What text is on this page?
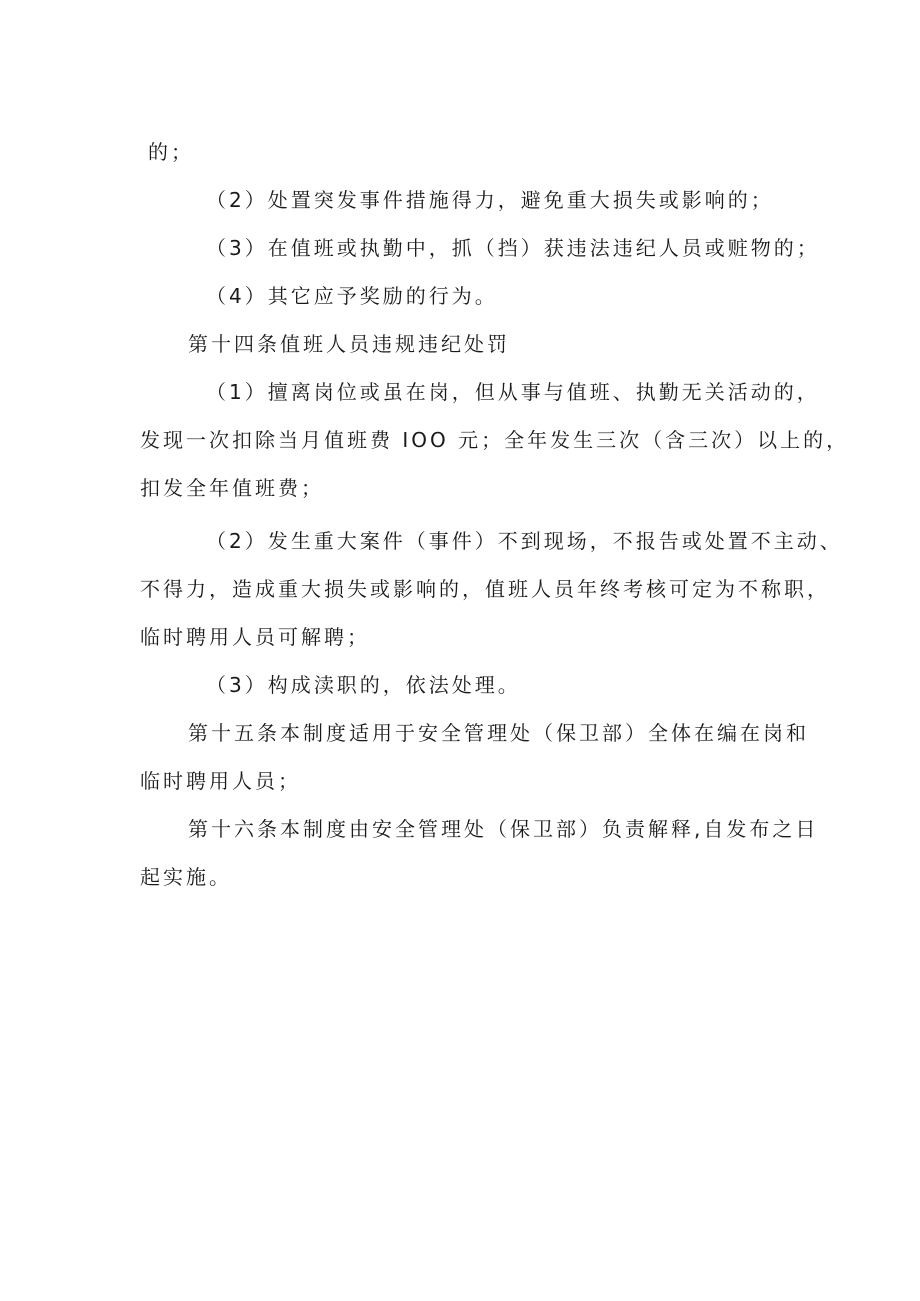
的；

（2）处置突发事件措施得力，避免重大损失或影响的；

（3）在值班或执勤中，抓（挡）获违法违纪人员或赃物的；

（4）其它应予奖励的行为。

第十四条值班人员违规违纪处罚

（1）擅离岗位或虽在岗，但从事与值班、执勤无关活动的，

发现一次扣除当月值班费 IOO 元；全年发生三次（含三次）以上的，

扣发全年值班费；

（2）发生重大案件（事件）不到现场，不报告或处置不主动、

不得力，造成重大损失或影响的，值班人员年终考核可定为不称职，

临时聘用人员可解聘；

（3）构成渎职的，依法处理。

第十五条本制度适用于安全管理处（保卫部）全体在编在岗和

临时聘用人员；

第十六条本制度由安全管理处（保卫部）负责解释,自发布之日

起实施。
